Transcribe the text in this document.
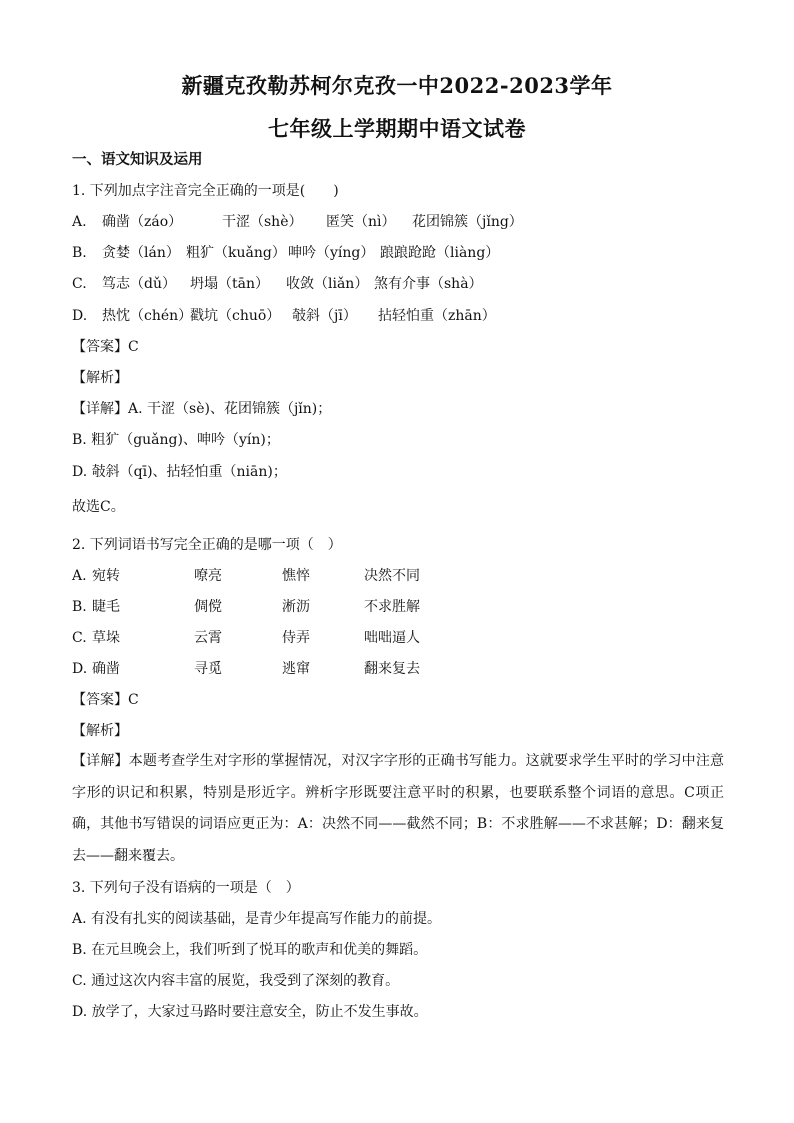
新疆克孜勒苏柯尔克孜一中2022-2023学年
七年级上学期期中语文试卷
一、语文知识及运用
1. 下列加点字注音完全正确的一项是(　　)
A. 确凿（záo）	干涩（shè） 匿笑（nì） 花团锦簇（jǐng）
B. 贪婪（lán） 粗犷（kuǎng） 呻吟（yíng） 踉踉跄跄（liàng）
C. 笃志（dǔ） 坍塌（tān） 收敛（liǎn） 煞有介事（shà）
D. 热忱（chén）戳坑（chuō） 攲斜（jī） 拈轻怕重（zhān）
【答案】C
【解析】
【详解】A. 干涩（sè)、花团锦簇（jǐn)；
B. 粗犷（guǎng)、呻吟（yín)；
D. 攲斜（qī)、拈轻怕重（niān)；
故选C。
2. 下列词语书写完全正确的是哪一项（　）
A. 宛转	嘹亮	憔悴	决然不同
B. 睫毛	倜傥	淅沥	不求胜解
C. 草垛	云霄	侍弄	咄咄逼人
D. 确凿	寻觅	逃窜	翻来复去
【答案】C
【解析】
【详解】本题考查学生对字形的掌握情况，对汉字字形的正确书写能力。这就要求学生平时的学习中注意字形的识记和积累，特别是形近字。辨析字形既要注意平时的积累，也要联系整个词语的意思。C项正确，其他书写错误的词语应更正为：A：决然不同——截然不同；B：不求胜解——不求甚解；D：翻来复去——翻来覆去。
3. 下列句子没有语病的一项是（　）
A. 有没有扎实的阅读基础，是青少年提高写作能力的前提。
B. 在元旦晚会上，我们听到了悦耳的歌声和优美的舞蹈。
C. 通过这次内容丰富的展览，我受到了深刻的教育。
D. 放学了，大家过马路时要注意安全，防止不发生事故。
